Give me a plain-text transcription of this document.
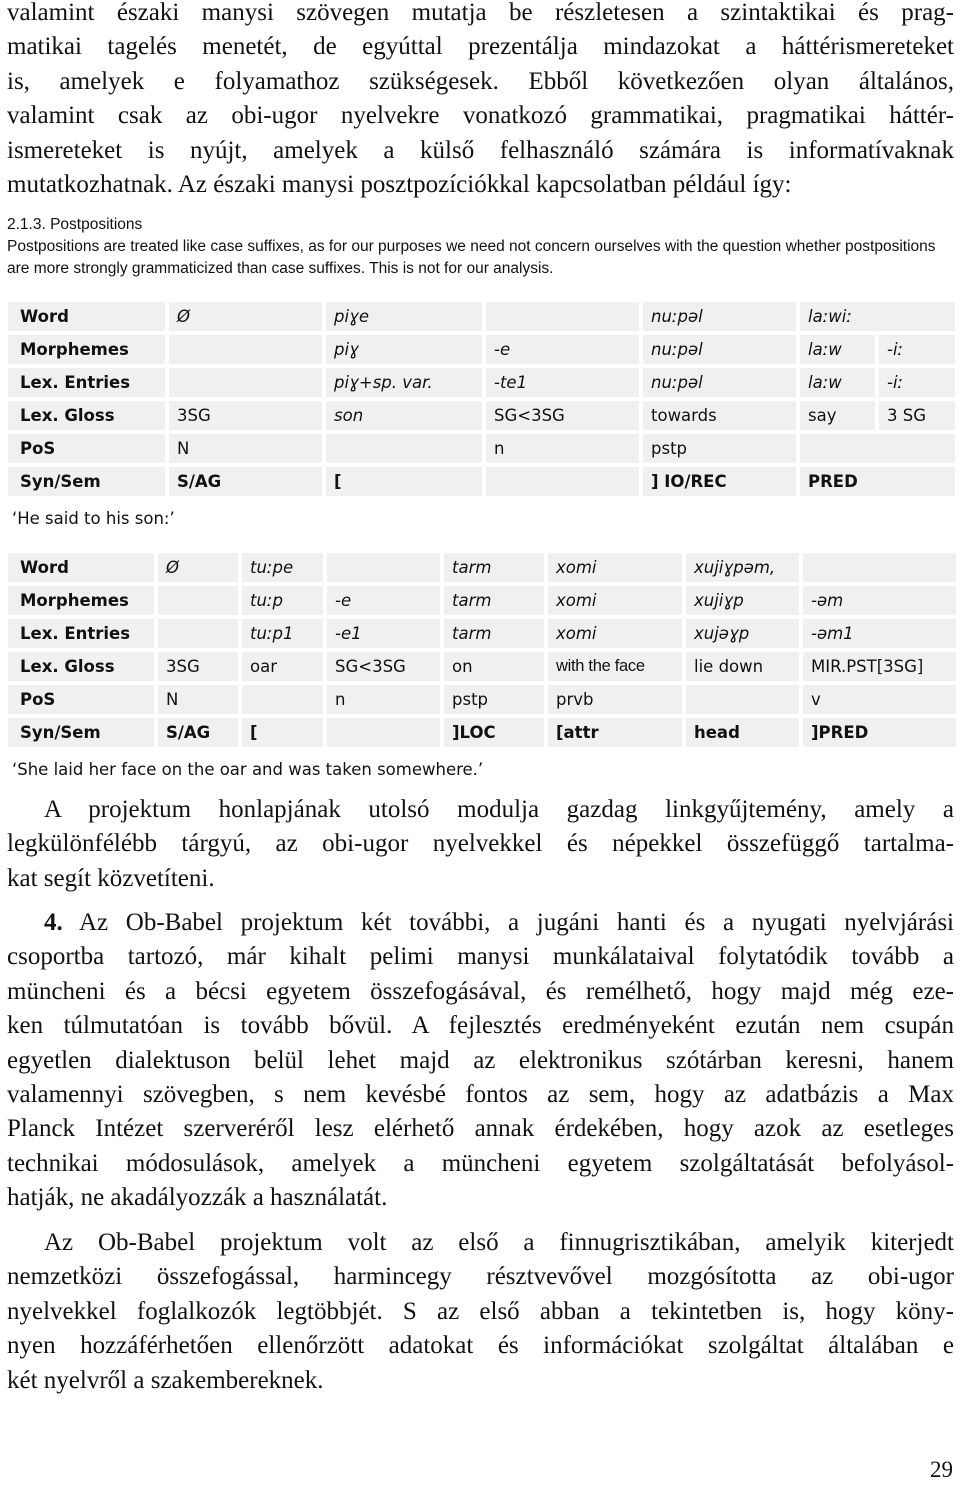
valamint északi manysi szövegen mutatja be részletesen a szintaktikai és prag-
matikai tagelés menetét, de egyúttal prezentálja mindazokat a háttérismereteket
is, amelyek e folyamathoz szükségesek. Ebből következően olyan általános,
valamint csak az obi-ugor nyelvekre vonatkozó grammatikai, pragmatikai háttér-
ismereteket is nyújt, amelyek a külső felhasználó számára is informatívaknak
mutatkozhatnak. Az északi manysi posztpozíciókkal kapcsolatban például így:
2.1.3. Postpositions
Postpositions are treated like case suffixes, as for our purposes we need not concern ourselves with the question whether postpositions are more strongly grammaticized than case suffixes. This is not for our analysis.
Word	Ø	piɣe		nuːpəl	laːwiː	
Morphemes		piɣ	-e	nuːpəl	laːw	-iː
Lex. Entries		piɣ+sp. var.	-te1	nuːpəl	laːw	-iː
Lex. Gloss	3SG	son	SG<3SG	towards	say	3 SG
PoS	N		n	pstp		
Syn/Sem	S/AG	[		] IO/REC	PRED	
‘He said to his son:’
Word	Ø	tuːpe		tarm	xomi	xujiɣpəm,	
Morphemes		tuːp	-e	tarm	xomi	xujiɣp	-əm
Lex. Entries		tuːp1	-e1	tarm	xomi	xujəɣp	-əm1
Lex. Gloss	3SG	oar	SG<3SG	on	with the face	lie down	MIR.PST[3SG]
PoS	N		n	pstp	prvb		v
Syn/Sem	S/AG	[		]LOC	[attr	head	]PRED
‘She laid her face on the oar and was taken somewhere.’
A projektum honlapjának utolsó modulja gazdag linkgyűjtemény, amely a
legkülönfélébb tárgyú, az obi-ugor nyelvekkel és népekkel összefüggő tartalma-
kat segít közvetíteni.
4. Az Ob-Babel projektum két további, a jugáni hanti és a nyugati nyelvjárási
csoportba tartozó, már kihalt pelimi manysi munkálataival folytatódik tovább a
müncheni és a bécsi egyetem összefogásával, és remélhető, hogy majd még eze-
ken túlmutatóan is tovább bővül. A fejlesztés eredményeként ezután nem csupán
egyetlen dialektuson belül lehet majd az elektronikus szótárban keresni, hanem
valamennyi szövegben, s nem kevésbé fontos az sem, hogy az adatbázis a Max
Planck Intézet szerveréről lesz elérhető annak érdekében, hogy azok az esetleges
technikai módosulások, amelyek a müncheni egyetem szolgáltatását befolyásol-
hatják, ne akadályozzák a használatát.
Az Ob-Babel projektum volt az első a finnugrisztikában, amelyik kiterjedt
nemzetközi összefogással, harmincegy résztvevővel mozgósította az obi-ugor
nyelvekkel foglalkozók legtöbbjét. S az első abban a tekintetben is, hogy köny-
nyen hozzáférhetően ellenőrzött adatokat és információkat szolgáltat általában e
két nyelvről a szakembereknek.
29
